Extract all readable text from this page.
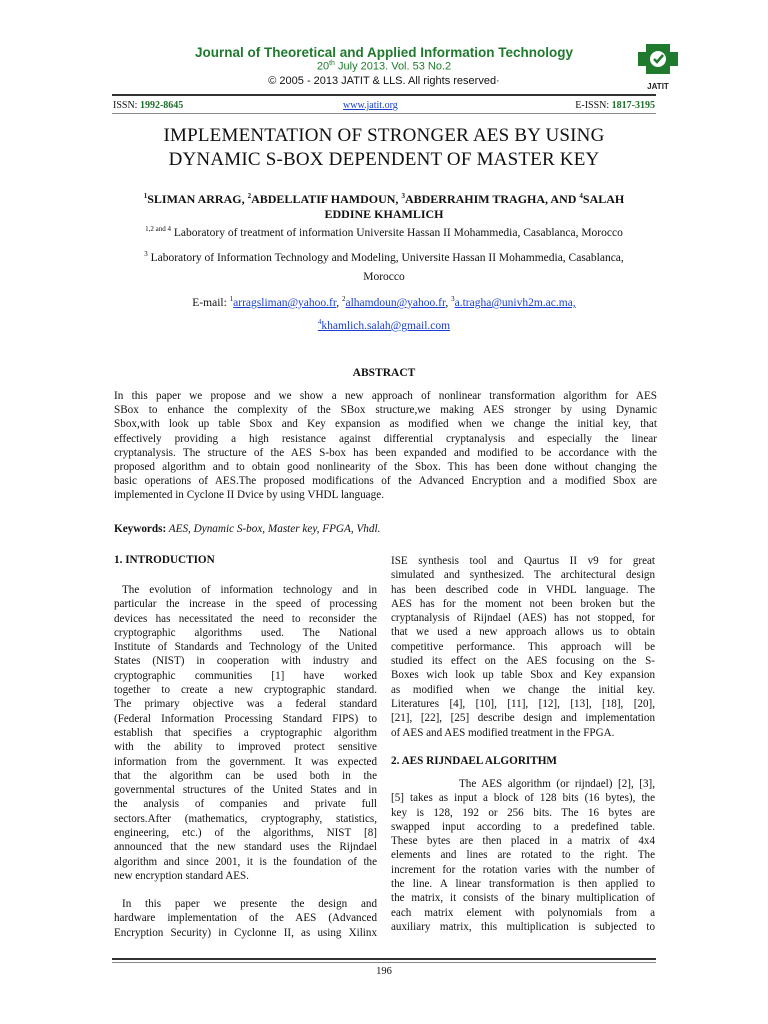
Journal of Theoretical and Applied Information Technology
20th July 2013. Vol. 53 No.2
© 2005 - 2013 JATIT & LLS. All rights reserved·	JATIT
ISSN: 1992-8645	www.jatit.org	E-ISSN: 1817-3195
IMPLEMENTATION OF STRONGER AES BY USING
DYNAMIC S-BOX DEPENDENT OF MASTER KEY
$^1$SLIMAN ARRAG, $^2$ABDELLATIF HAMDOUN, $^3$ABDERRAHIM TRAGHA, AND $^4$SALAH
EDDINE KHAMLICH
$^{1,2 and 4}$ Laboratory of treatment of information Universite Hassan II Mohammedia, Casablanca, Morocco
$^3$ Laboratory of Information Technology and Modeling, Universite Hassan II Mohammedia, Casablanca,
Morocco
E-mail: $^1$arragsliman@yahoo.fr, $^2$alhamdoun@yahoo.fr, $^3$a.tragha@univh2m.ac.ma,
$^4$khamlich.salah@gmail.com
ABSTRACT
In this paper we propose and we show a new approach of nonlinear transformation algorithm for AES
SBox to enhance the complexity of the SBox structure,we making AES stronger by using Dynamic
Sbox,with look up table Sbox and Key expansion as modified when we change the initial key, that
effectively providing a high resistance against differential cryptanalysis and especially the linear
cryptanalysis. The structure of the AES S-box has been expanded and modified to be accordance with the
proposed algorithm and to obtain good nonlinearity of the Sbox. This has been done without changing the
basic operations of AES.The proposed modifications of the Advanced Encryption and a modified Sbox are
implemented in Cyclone II Dvice by using VHDL language.
Keywords: AES, Dynamic S-box, Master key, FPGA, Vhdl.
1. INTRODUCTION
The evolution of information technology and in
particular the increase in the speed of processing
devices has necessitated the need to reconsider the
cryptographic algorithms used. The National
Institute of Standards and Technology of the United
States (NIST) in cooperation with industry and
cryptographic communities [1] have worked
together to create a new cryptographic standard.
The primary objective was a federal standard
(Federal Information Processing Standard FIPS) to
establish that specifies a cryptographic algorithm
with the ability to improved protect sensitive
information from the government. It was expected
that the algorithm can be used both in the
governmental structures of the United States and in
the analysis of companies and private full
sectors.After (mathematics, cryptography, statistics,
engineering, etc.) of the algorithms, NIST [8]
announced that the new standard uses the Rijndael
algorithm and since 2001, it is the foundation of the
new encryption standard AES.
In this paper we presente the design and
hardware implementation of the AES (Advanced
Encryption Security) in Cyclonne II, as using Xilinx
ISE synthesis tool and Qaurtus II v9 for great
simulated and synthesized. The architectural design
has been described code in VHDL language. The
AES has for the moment not been broken but the
cryptanalysis of Rijndael (AES) has not stopped, for
that we used a new approach allows us to obtain
competitive performance. This approach will be
studied its effect on the AES focusing on the S-
Boxes wich look up table Sbox and Key expansion
as modified when we change the initial key.
Literatures [4], [10], [11], [12], [13], [18], [20],
[21], [22], [25] describe design and implementation
of AES and AES modified treatment in the FPGA.
2. AES RIJNDAEL ALGORITHM
The AES algorithm (or rijndael) [2], [3],
[5] takes as input a block of 128 bits (16 bytes), the
key is 128, 192 or 256 bits. The 16 bytes are
swapped input according to a predefined table.
These bytes are then placed in a matrix of 4x4
elements and lines are rotated to the right. The
increment for the rotation varies with the number of
the line. A linear transformation is then applied to
the matrix, it consists of the binary multiplication of
each matrix element with polynomials from a
auxiliary matrix, this multiplication is subjected to
196
